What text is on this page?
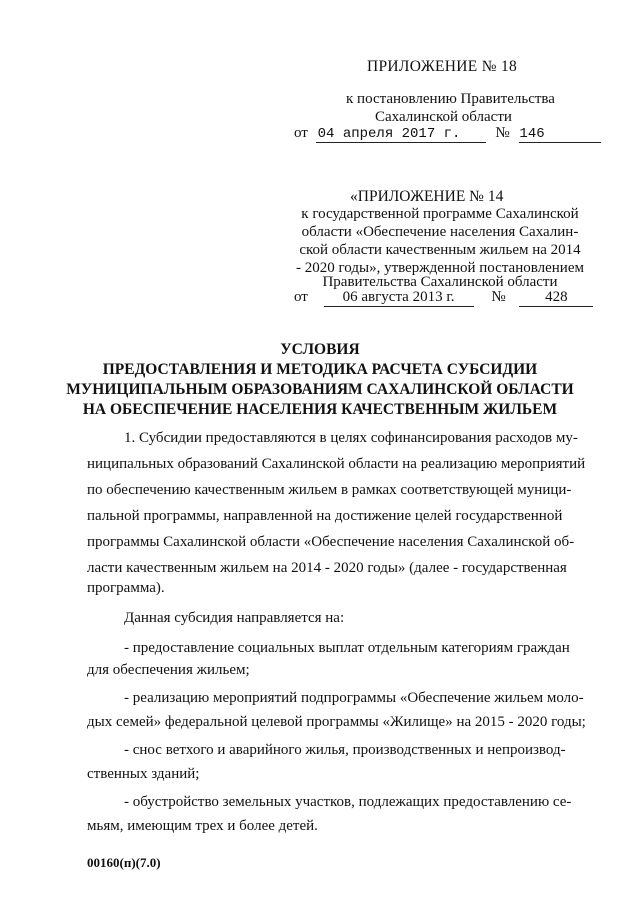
ПРИЛОЖЕНИЕ № 18
к постановлению Правительства
Сахалинской области
от 04 апреля 2017 г. № 146
«ПРИЛОЖЕНИЕ № 14
к государственной программе Сахалинской
области «Обеспечение населения Сахалин-
ской области качественным жильем на 2014
- 2020 годы», утвержденной постановлением
Правительства Сахалинской области
от 06 августа 2013 г. №	428
УСЛОВИЯ
ПРЕДОСТАВЛЕНИЯ И МЕТОДИКА РАСЧЕТА СУБСИДИИ
МУНИЦИПАЛЬНЫМ ОБРАЗОВАНИЯМ САХАЛИНСКОЙ ОБЛАСТИ
НА ОБЕСПЕЧЕНИЕ НАСЕЛЕНИЯ КАЧЕСТВЕННЫМ ЖИЛЬЕМ
1. Субсидии предоставляются в целях софинансирования расходов му-
ниципальных образований Сахалинской области на реализацию мероприятий
по обеспечению качественным жильем в рамках соответствующей муници-
пальной программы, направленной на достижение целей государственной
программы Сахалинской области «Обеспечение населения Сахалинской об-
ласти качественным жильем на 2014 - 2020 годы» (далее - государственная
программа).
Данная субсидия направляется на:
- предоставление социальных выплат отдельным категориям граждан
для обеспечения жильем;
- реализацию мероприятий подпрограммы «Обеспечение жильем моло-
дых семей» федеральной целевой программы «Жилище» на 2015 - 2020 годы;
- снос ветхого и аварийного жилья, производственных и непроизвод-
ственных зданий;
- обустройство земельных участков, подлежащих предоставлению се-
мьям, имеющим трех и более детей.
00160(п)(7.0)
